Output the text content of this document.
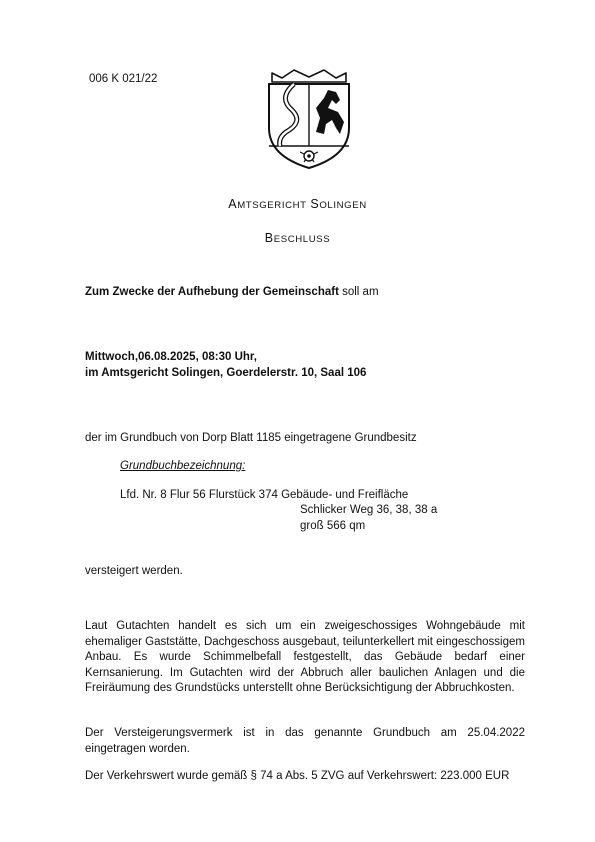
006 K 021/22
AMTSGERICHT SOLINGEN
BESCHLUSS
Zum Zwecke der Aufhebung der Gemeinschaft soll am
Mittwoch,06.08.2025, 08:30 Uhr,
im Amtsgericht Solingen, Goerdelerstr. 10, Saal 106
der im Grundbuch von Dorp Blatt 1185 eingetragene Grundbesitz
Grundbuchbezeichnung:
Lfd. Nr. 8 Flur 56 Flurstück 374 Gebäude- und Freifläche
Schlicker Weg 36, 38, 38 a
groß 566 qm
versteigert werden.
Laut Gutachten handelt es sich um ein zweigeschossiges Wohngebäude mit ehemaliger Gaststätte, Dachgeschoss ausgebaut, teilunterkellert mit eingeschossigem Anbau. Es wurde Schimmelbefall festgestellt, das Gebäude bedarf einer Kernsanierung. Im Gutachten wird der Abbruch aller baulichen Anlagen und die Freiräumung des Grundstücks unterstellt ohne Berücksichtigung der Abbruchkosten.
Der Versteigerungsvermerk ist in das genannte Grundbuch am 25.04.2022 eingetragen worden.
Der Verkehrswert wurde gemäß § 74 a Abs. 5 ZVG auf Verkehrswert: 223.000 EUR
